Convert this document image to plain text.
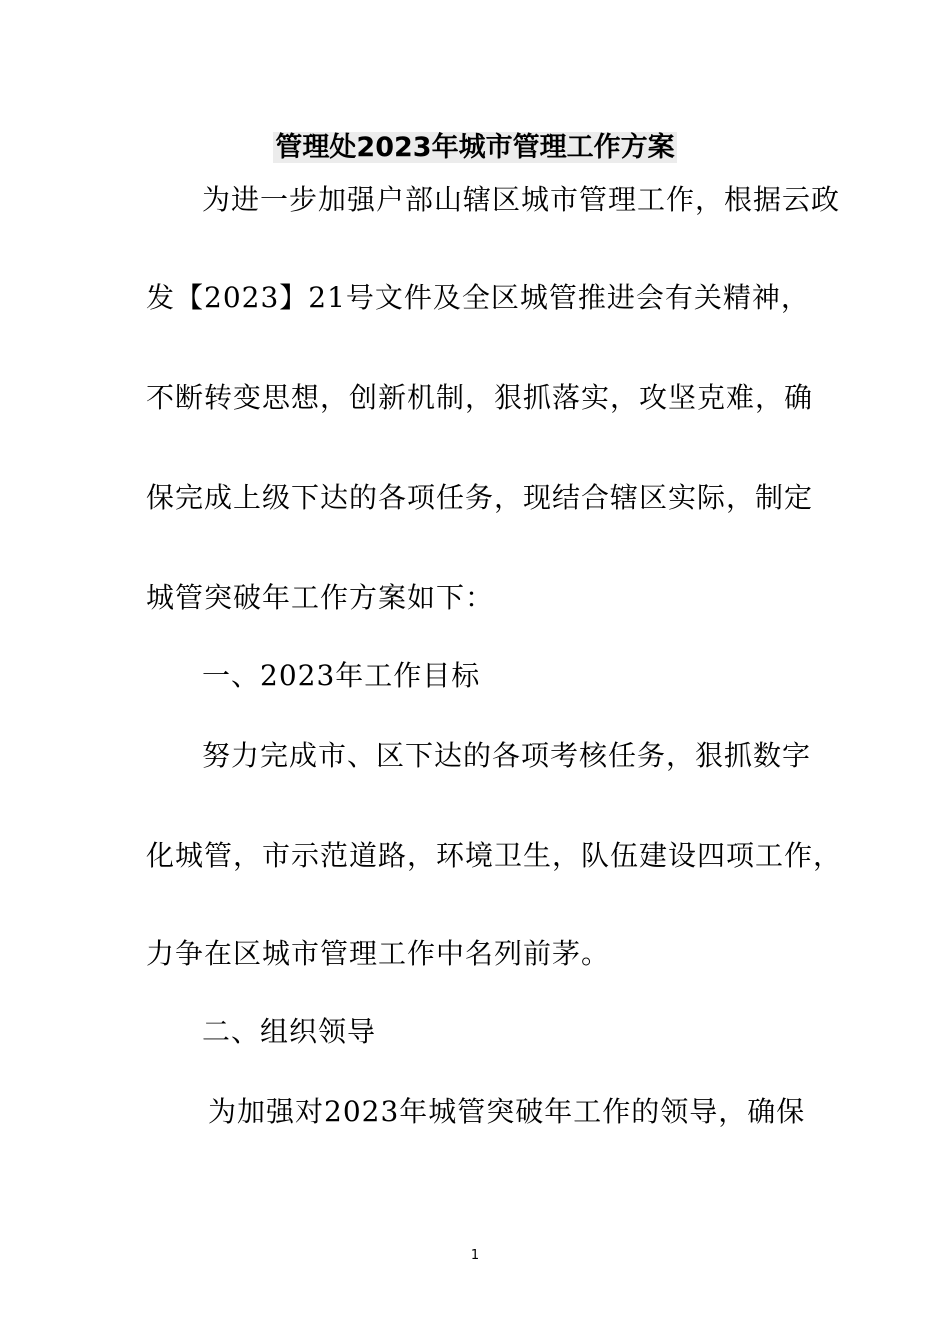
管理处2023年城市管理工作方案
为进一步加强户部山辖区城市管理工作，根据云政
发【2023】21号文件及全区城管推进会有关精神，
不断转变思想，创新机制，狠抓落实，攻坚克难，确
保完成上级下达的各项任务，现结合辖区实际，制定
城管突破年工作方案如下：
一、2023年工作目标
努力完成市、区下达的各项考核任务，狠抓数字
化城管，市示范道路，环境卫生，队伍建设四项工作，
力争在区城市管理工作中名列前茅。
二、组织领导
为加强对2023年城管突破年工作的领导，确保
1
